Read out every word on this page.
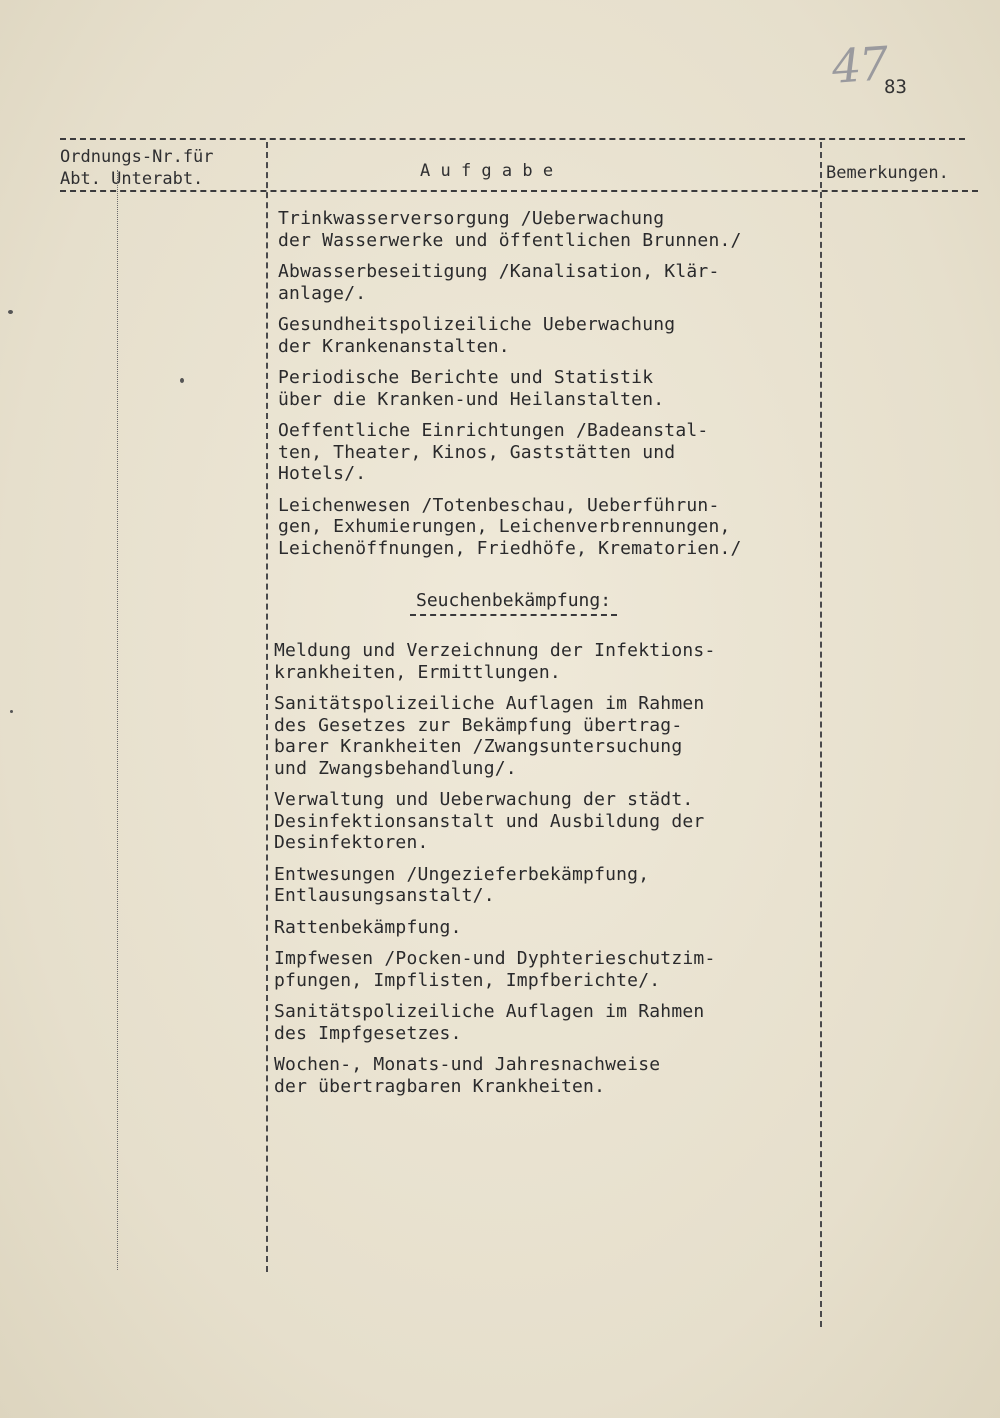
47
83
Ordnungs-Nr.für
Abt. Unterabt.	A u f g a b e	Bemerkungen.
Trinkwasserversorgung /Ueberwachung
der Wasserwerke und öffentlichen Brunnen./
Abwasserbeseitigung /Kanalisation, Klär-
anlage/.
Gesundheitspolizeiliche Ueberwachung
der Krankenanstalten.
Periodische Berichte und Statistik
über die Kranken-und Heilanstalten.
Oeffentliche Einrichtungen /Badeanstal-
ten, Theater, Kinos, Gaststätten und
Hotels/.
Leichenwesen /Totenbeschau, Ueberführun-
gen, Exhumierungen, Leichenverbrennungen,
Leichenöffnungen, Friedhöfe, Krematorien./
Seuchenbekämpfung:
Meldung und Verzeichnung der Infektions-
krankheiten, Ermittlungen.
Sanitätspolizeiliche Auflagen im Rahmen
des Gesetzes zur Bekämpfung übertrag-
barer Krankheiten /Zwangsuntersuchung
und Zwangsbehandlung/.
Verwaltung und Ueberwachung der städt.
Desinfektionsanstalt und Ausbildung der
Desinfektoren.
Entwesungen /Ungezieferbekämpfung,
Entlausungsanstalt/.
Rattenbekämpfung.
Impfwesen /Pocken-und Dyphterieschutzim-
pfungen, Impflisten, Impfberichte/.
Sanitätspolizeiliche Auflagen im Rahmen
des Impfgesetzes.
Wochen-, Monats-und Jahresnachweise
der übertragbaren Krankheiten.
